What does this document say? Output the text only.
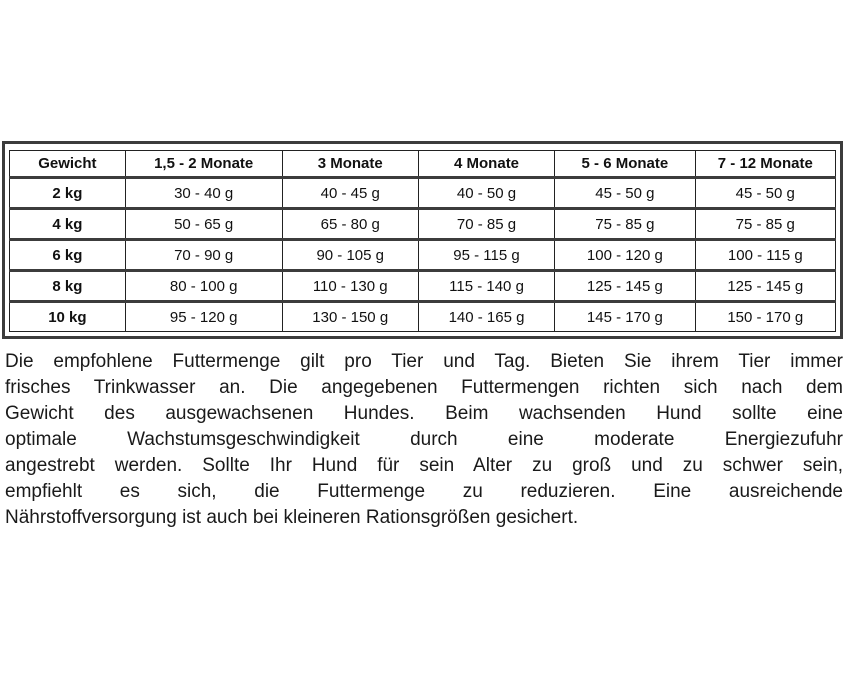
Gewicht	1,5 - 2 Monate	3 Monate	4 Monate	5 - 6 Monate	7 - 12 Monate
2 kg	30 - 40 g	40 - 45 g	40 - 50 g	45 - 50 g	45 - 50 g
4 kg	50 - 65 g	65 - 80 g	70 - 85 g	75 - 85 g	75 - 85 g
6 kg	70 - 90 g	90 - 105 g	95 - 115 g	100 - 120 g	100 - 115 g
8 kg	80 - 100 g	110 - 130 g	115 - 140 g	125 - 145 g	125 - 145 g
10 kg	95 - 120 g	130 - 150 g	140 - 165 g	145 - 170 g	150 - 170 g
Die empfohlene Futtermenge gilt pro Tier und Tag. Bieten Sie ihrem Tier immer
frisches Trinkwasser an. Die angegebenen Futtermengen richten sich nach dem
Gewicht des ausgewachsenen Hundes. Beim wachsenden Hund sollte eine
optimale Wachstumsgeschwindigkeit durch eine moderate Energiezufuhr
angestrebt werden. Sollte Ihr Hund für sein Alter zu groß und zu schwer sein,
empfiehlt es sich, die Futtermenge zu reduzieren. Eine ausreichende
Nährstoffversorgung ist auch bei kleineren Rationsgrößen gesichert.
